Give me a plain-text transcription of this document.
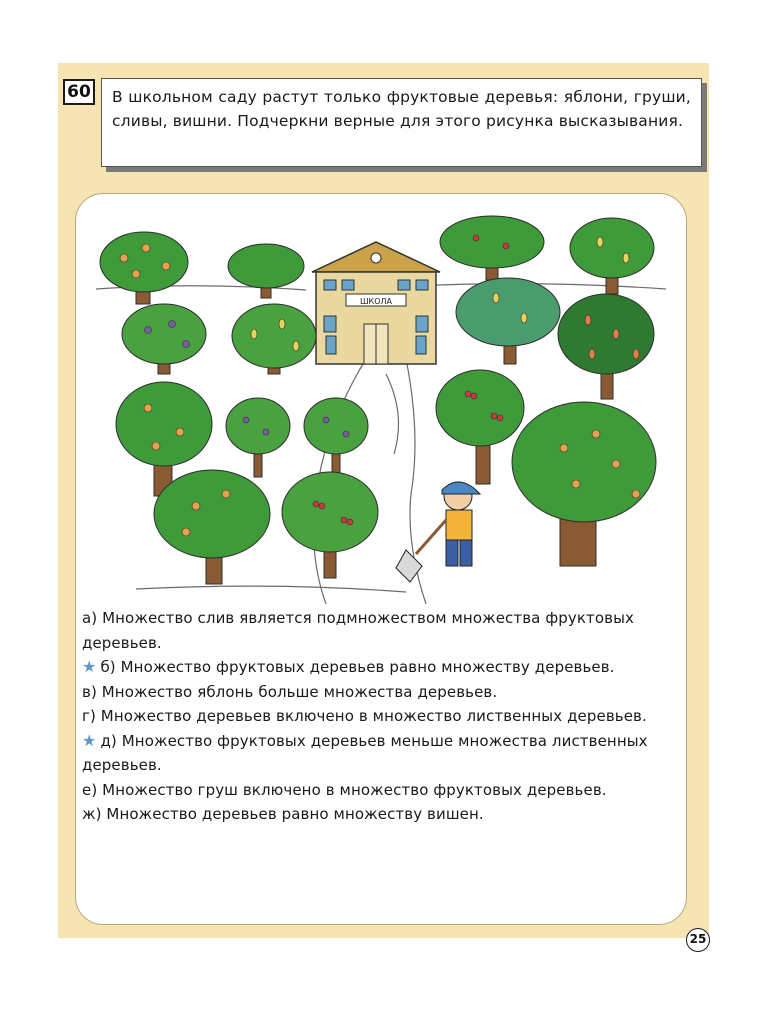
60 В школьном саду растут только фруктовые деревья: яблони, груши, сливы, вишни. Подчеркни верные для этого рисунка высказывания.

ШКОЛА

а) Множество слив является подмножеством множества фруктовых деревьев.

★ б) Множество фруктовых деревьев равно множеству деревьев.

в) Множество яблонь больше множества деревьев.

г) Множество деревьев включено в множество лиственных деревьев.

★ д) Множество фруктовых деревьев меньше множества лиственных деревьев.

е) Множество груш включено в множество фруктовых деревьев.

ж) Множество деревьев равно множеству вишен.

25
